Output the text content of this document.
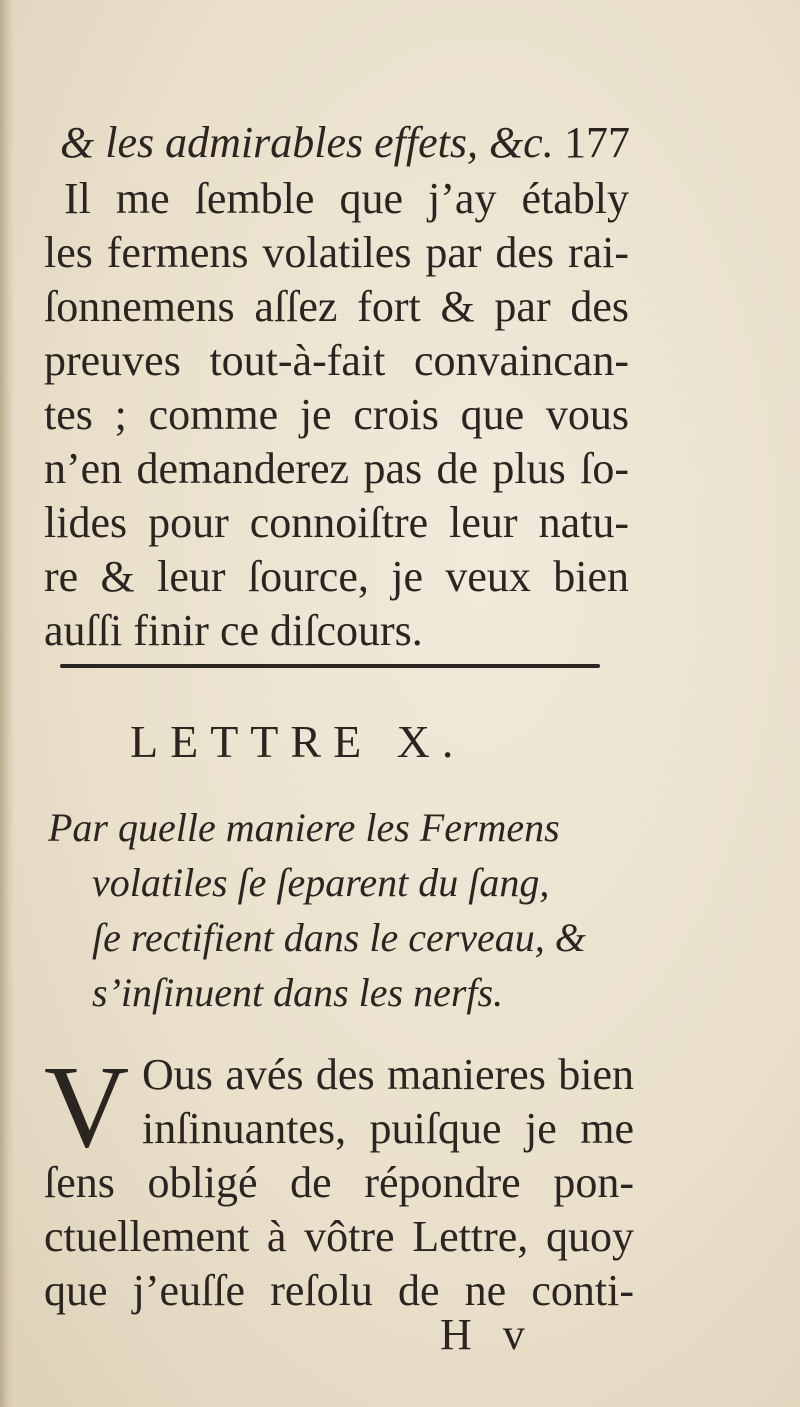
& les admirables effets, &c. 177
Il me ſemble que j’ay étably
les fermens volatiles par des rai-
ſonnemens aſſez fort & par des
preuves tout-à-fait convaincan-
tes ; comme je crois que vous
n’en demanderez pas de plus ſo-
lides pour connoiſtre leur natu-
re & leur ſource, je veux bien
auſſi finir ce diſcours.
LETTRE X.
Par quelle maniere les Fermens
volatiles ſe ſeparent du ſang,
ſe rectifient dans le cerveau, &
s’inſinuent dans les nerfs.
V Ous avés des manieres bien
inſinuantes, puiſque je me
ſens obligé de répondre pon-
ctuellement à vôtre Lettre, quoy
que j’euſſe reſolu de ne conti-
H v
